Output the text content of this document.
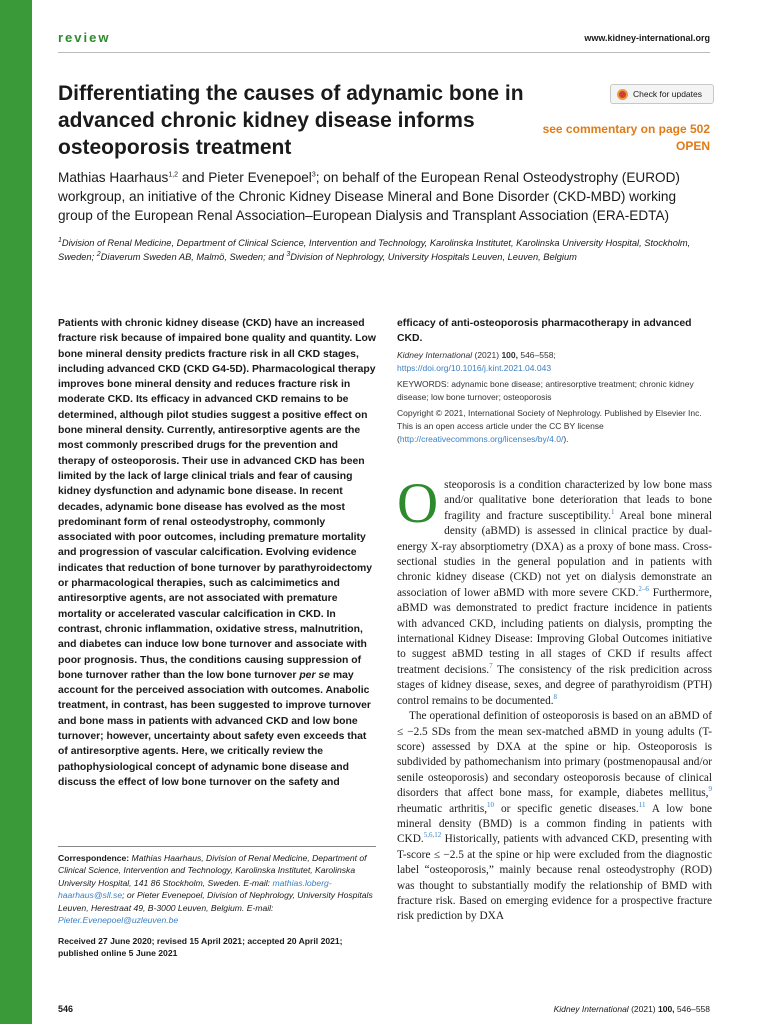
review	www.kidney-international.org
Differentiating the causes of adynamic bone in advanced chronic kidney disease informs osteoporosis treatment
Check for updates
see commentary on page 502
OPEN
Mathias Haarhaus$^{1,2}$ and Pieter Evenepoel$^3$; on behalf of the European Renal Osteodystrophy (EUROD) workgroup, an initiative of the Chronic Kidney Disease Mineral and Bone Disorder (CKD-MBD) working group of the European Renal Association–European Dialysis and Transplant Association (ERA-EDTA)
$^1$Division of Renal Medicine, Department of Clinical Science, Intervention and Technology, Karolinska Institutet, Karolinska University Hospital, Stockholm, Sweden; $^2$Diaverum Sweden AB, Malmö, Sweden; and $^3$Division of Nephrology, University Hospitals Leuven, Leuven, Belgium
Patients with chronic kidney disease (CKD) have an increased fracture risk because of impaired bone quality and quantity. Low bone mineral density predicts fracture risk in all CKD stages, including advanced CKD (CKD G4-5D). Pharmacological therapy improves bone mineral density and reduces fracture risk in moderate CKD. Its efficacy in advanced CKD remains to be determined, although pilot studies suggest a positive effect on bone mineral density. Currently, antiresorptive agents are the most commonly prescribed drugs for the prevention and therapy of osteoporosis. Their use in advanced CKD has been limited by the lack of large clinical trials and fear of causing kidney dysfunction and adynamic bone disease. In recent decades, adynamic bone disease has evolved as the most predominant form of renal osteodystrophy, commonly associated with poor outcomes, including premature mortality and progression of vascular calcification. Evolving evidence indicates that reduction of bone turnover by parathyroidectomy or pharmacological therapies, such as calcimimetics and antiresorptive agents, are not associated with premature mortality or accelerated vascular calcification in CKD. In contrast, chronic inflammation, oxidative stress, malnutrition, and diabetes can induce low bone turnover and associate with poor prognosis. Thus, the conditions causing suppression of bone turnover rather than the low bone turnover per se may account for the perceived association with outcomes. Anabolic treatment, in contrast, has been suggested to improve turnover and bone mass in patients with advanced CKD and low bone turnover; however, uncertainty about safety even exceeds that of antiresorptive agents. Here, we critically review the pathophysiological concept of adynamic bone disease and discuss the effect of low bone turnover on the safety and
efficacy of anti-osteoporosis pharmacotherapy in advanced CKD.

Kidney International (2021) 100, 546–558; https://doi.org/10.1016/j.kint.2021.04.043

KEYWORDS: adynamic bone disease; antiresorptive treatment; chronic kidney disease; low bone turnover; osteoporosis

Copyright © 2021, International Society of Nephrology. Published by Elsevier Inc. This is an open access article under the CC BY license (http://creativecommons.org/licenses/by/4.0/).

Osteoporosis is a condition characterized by low bone mass and/or qualitative bone deterioration that leads to bone fragility and fracture susceptibility.$^1$ Areal bone mineral density (aBMD) is assessed in clinical practice by dual-energy X-ray absorptiometry (DXA) as a proxy of bone mass. Cross-sectional studies in the general population and in patients with chronic kidney disease (CKD) not yet on dialysis demonstrate an association of lower aBMD with more severe CKD.$^{2-6}$ Furthermore, aBMD was demonstrated to predict fracture incidence in patients with advanced CKD, including patients on dialysis, prompting the international Kidney Disease: Improving Global Outcomes initiative to suggest aBMD testing in all stages of CKD if results affect treatment decisions.$^7$ The consistency of the risk predicition across stages of kidney disease, sexes, and degree of parathyroidism (PTH) control remains to be documented.$^8$

The operational definition of osteoporosis is based on an aBMD of ≤ −2.5 SDs from the mean sex-matched aBMD in young adults (T-score) assessed by DXA at the spine or hip. Osteoporosis is subdivided by pathomechanism into primary (postmenopausal and/or senile osteoporosis) and secondary osteoporosis because of clinical disorders that affect bone mass, for example, diabetes mellitus,$^9$ rheumatic arthritis,$^{10}$ or specific genetic diseases.$^{11}$ A low bone mineral density (BMD) is a common finding in patients with CKD.$^{5,6,12}$ Historically, patients with advanced CKD, presenting with T-score ≤ −2.5 at the spine or hip were excluded from the diagnostic label “osteoporosis,” mainly because renal osteodystrophy (ROD) was thought to substantially modify the relationship of BMD with fracture risk. Based on emerging evidence for a prospective fracture risk prediction by DXA

Correspondence: Mathias Haarhaus, Division of Renal Medicine, Department of Clinical Science, Intervention and Technology, Karolinska Institutet, Karolinska University Hospital, 141 86 Stockholm, Sweden. E-mail: mathias.loberg-haarhaus@sll.se; or Pieter Evenepoel, Division of Nephrology, University Hospitals Leuven, Herestraat 49, B-3000 Leuven, Belgium. E-mail: Pieter.Evenepoel@uzleuven.be
Received 27 June 2020; revised 15 April 2021; accepted 20 April 2021; published online 5 June 2021
546	Kidney International (2021) 100, 546–558
